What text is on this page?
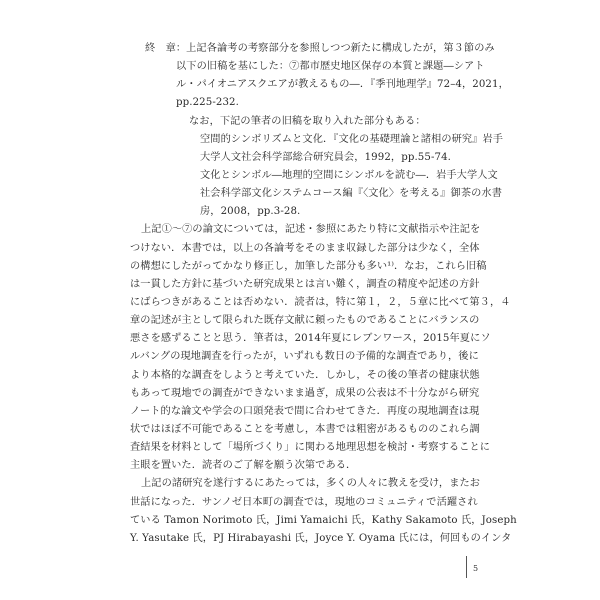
終　章：上記各論考の考察部分を参照しつつ新たに構成したが，第３節のみ
以下の旧稿を基にした：⑦都市歴史地区保存の本質と課題―シアト
ル・パイオニアスクエアが教えるもの―．『季刊地理学』72–4，2021，
pp.225-232.
なお，下記の筆者の旧稿を取り入れた部分もある：
空間的シンボリズムと文化．『文化の基礎理論と諸相の研究』岩手
大学人文社会科学部総合研究員会，1992，pp.55-74.
文化とシンボル―地理的空間にシンボルを読む―．岩手大学人文
社会科学部文化システムコース編『〈文化〉を考える』御茶の水書
房，2008，pp.3-28.
上記①～⑦の論文については，記述・参照にあたり特に文献指示や注記を
つけない．本書では，以上の各論考をそのまま収録した部分は少なく，全体
の構想にしたがってかなり修正し，加筆した部分も多い¹⁾．なお，これら旧稿
は一貫した方針に基づいた研究成果とは言い難く，調査の精度や記述の方針
にばらつきがあることは否めない．読者は，特に第１，２，５章に比べて第３，４
章の記述が主として限られた既存文献に頼ったものであることにバランスの
悪さを感ずることと思う．筆者は，2014年夏にレブンワース，2015年夏にソ
ルバングの現地調査を行ったが，いずれも数日の予備的な調査であり，後に
より本格的な調査をしようと考えていた．しかし，その後の筆者の健康状態
もあって現地での調査ができないまま過ぎ，成果の公表は不十分ながら研究
ノート的な論文や学会の口頭発表で間に合わせてきた．再度の現地調査は現
状ではほぼ不可能であることを考慮し，本書では粗密があるもののこれら調
査結果を材料として「場所づくり」に関わる地理思想を検討・考察することに
主眼を置いた．読者のご了解を願う次第である．
上記の諸研究を遂行するにあたっては，多くの人々に教えを受け，またお
世話になった．サンノゼ日本町の調査では，現地のコミュニティで活躍され
ている Tamon Norimoto 氏，Jimi Yamaichi 氏，Kathy Sakamoto 氏，Joseph
Y. Yasutake 氏，PJ Hirabayashi 氏，Joyce Y. Oyama 氏には，何回ものインタ
5
